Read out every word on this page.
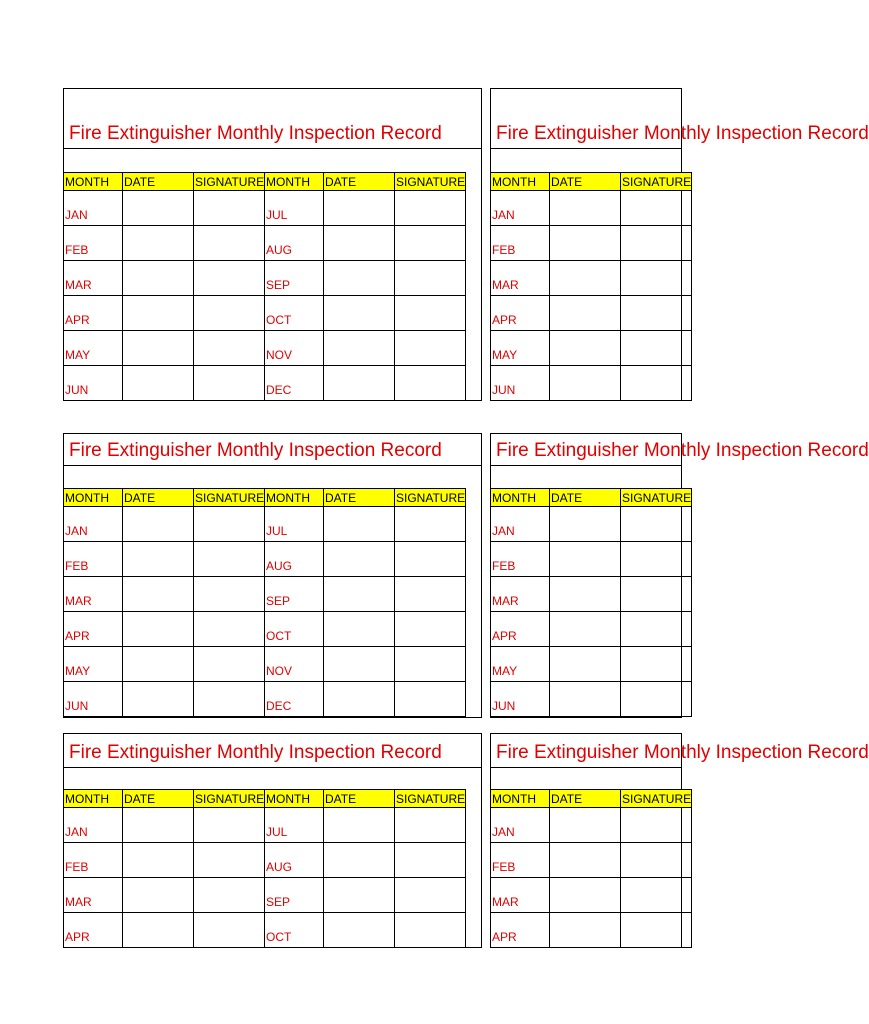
Fire Extinguisher Monthly Inspection Record
MONTH	DATE	SIGNATURE	MONTH	DATE	SIGNATURE
JAN			JUL		
FEB			AUG		
MAR			SEP		
APR			OCT		
MAY			NOV		
JUN			DEC		
Fire Extinguisher Monthly Inspection Record
MONTH	DATE	SIGNATURE
JAN		
FEB		
MAR		
APR		
MAY		
JUN		
Fire Extinguisher Monthly Inspection Record
MONTH	DATE	SIGNATURE	MONTH	DATE	SIGNATURE
JAN			JUL		
FEB			AUG		
MAR			SEP		
APR			OCT		
MAY			NOV		
JUN			DEC		
Fire Extinguisher Monthly Inspection Record
MONTH	DATE	SIGNATURE
JAN		
FEB		
MAR		
APR		
MAY		
JUN		
Fire Extinguisher Monthly Inspection Record
MONTH	DATE	SIGNATURE	MONTH	DATE	SIGNATURE
JAN			JUL		
FEB			AUG		
MAR			SEP		
APR			OCT		
Fire Extinguisher Monthly Inspection Record
MONTH	DATE	SIGNATURE
JAN		
FEB		
MAR		
APR		
